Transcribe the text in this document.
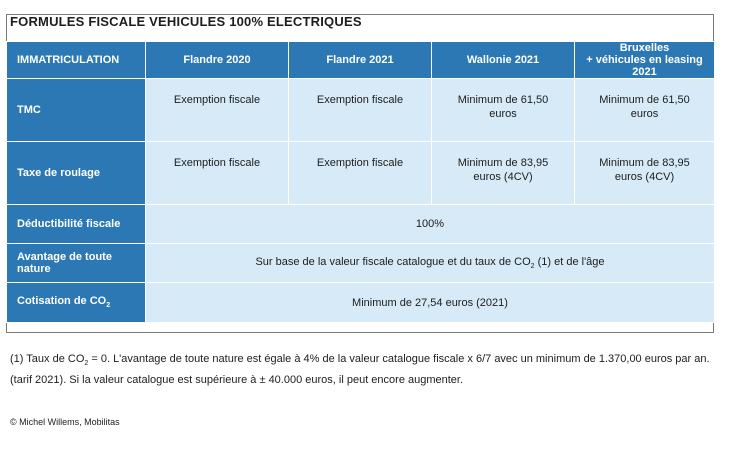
FORMULES FISCALE VEHICULES 100% ELECTRIQUES
IMMATRICULATION	Flandre 2020	Flandre 2021	Wallonie 2021	Bruxelles
+ véhicules en leasing 2021
TMC	Exemption fiscale	Exemption fiscale	Minimum de 61,50 euros	Minimum de 61,50 euros

Taxe de roulage	Exemption fiscale	Exemption fiscale	Minimum de 83,95 euros (4CV)	Minimum de 83,95 euros (4CV)

Déductibilité fiscale	100%			
Avantage de toute nature	Sur base de la valeur fiscale catalogue et du taux de $CO_2$ (1) et de l'âge			
Cotisation de $CO_2$	Minimum de 27,54 euros (2021)			
(1) Taux de $CO_2 = 0$. L'avantage de toute nature est égale à 4% de la valeur catalogue fiscale x 6/7 avec un minimum de 1.370,00 euros par an. (tarif 2021). Si la valeur catalogue est supérieure à ± 40.000 euros, il peut encore augmenter.
© Michel Willems, Mobilitas
